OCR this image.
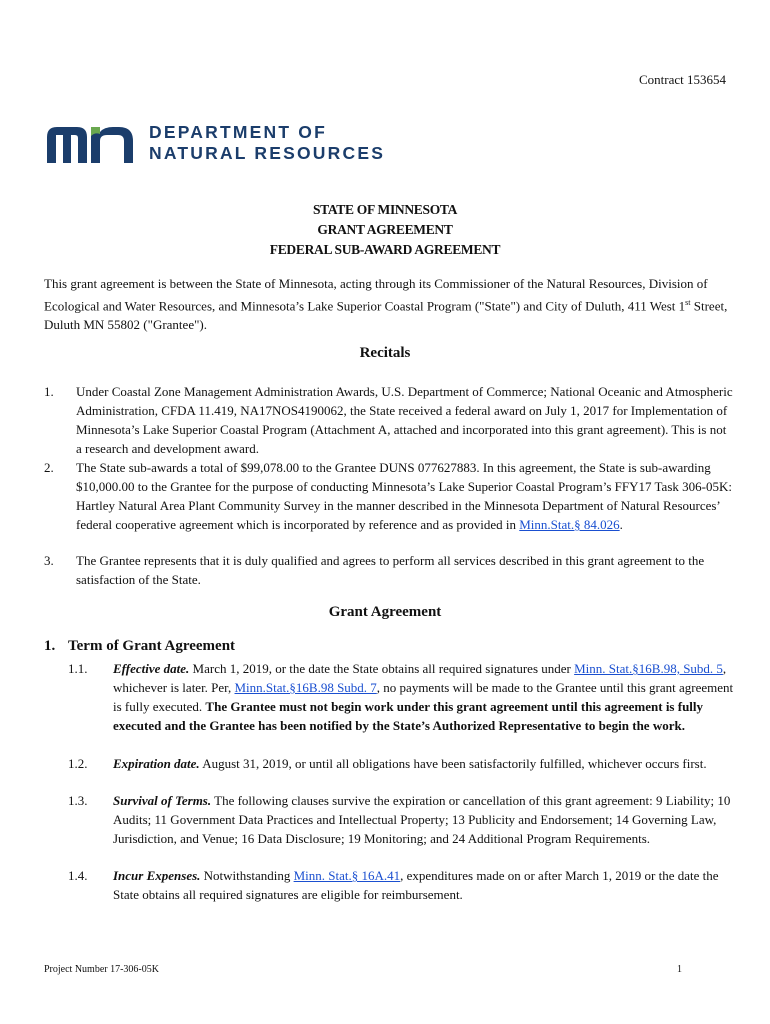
Contract 153654
DEPARTMENT OF
NATURAL RESOURCES
STATE OF MINNESOTA
GRANT AGREEMENT
FEDERAL SUB-AWARD AGREEMENT
This grant agreement is between the State of Minnesota, acting through its Commissioner of the Natural Resources, Division of Ecological and Water Resources, and Minnesota’s Lake Superior Coastal Program ("State") and City of Duluth, 411 West 1st Street, Duluth MN 55802 ("Grantee").
Recitals
1. Under Coastal Zone Management Administration Awards, U.S. Department of Commerce; National Oceanic and Atmospheric Administration, CFDA 11.419, NA17NOS4190062, the State received a federal award on July 1, 2017 for Implementation of Minnesota’s Lake Superior Coastal Program (Attachment A, attached and incorporated into this grant agreement). This is not a research and development award.
2. The State sub-awards a total of $99,078.00 to the Grantee DUNS 077627883. In this agreement, the State is sub-awarding $10,000.00 to the Grantee for the purpose of conducting Minnesota’s Lake Superior Coastal Program’s FFY17 Task 306-05K: Hartley Natural Area Plant Community Survey in the manner described in the Minnesota Department of Natural Resources’ federal cooperative agreement which is incorporated by reference and as provided in Minn.Stat.§ 84.026.
3. The Grantee represents that it is duly qualified and agrees to perform all services described in this grant agreement to the satisfaction of the State.
Grant Agreement
1. Term of Grant Agreement
1.1. Effective date. March 1, 2019, or the date the State obtains all required signatures under Minn. Stat.§16B.98, Subd. 5, whichever is later. Per, Minn.Stat.§16B.98 Subd. 7, no payments will be made to the Grantee until this grant agreement is fully executed. The Grantee must not begin work under this grant agreement until this agreement is fully executed and the Grantee has been notified by the State’s Authorized Representative to begin the work.
1.2. Expiration date. August 31, 2019, or until all obligations have been satisfactorily fulfilled, whichever occurs first.
1.3. Survival of Terms. The following clauses survive the expiration or cancellation of this grant agreement: 9 Liability; 10 Audits; 11 Government Data Practices and Intellectual Property; 13 Publicity and Endorsement; 14 Governing Law, Jurisdiction, and Venue; 16 Data Disclosure; 19 Monitoring; and 24 Additional Program Requirements.
1.4. Incur Expenses. Notwithstanding Minn. Stat.§ 16A.41, expenditures made on or after March 1, 2019 or the date the State obtains all required signatures are eligible for reimbursement.
Project Number 17-306-05K	1
